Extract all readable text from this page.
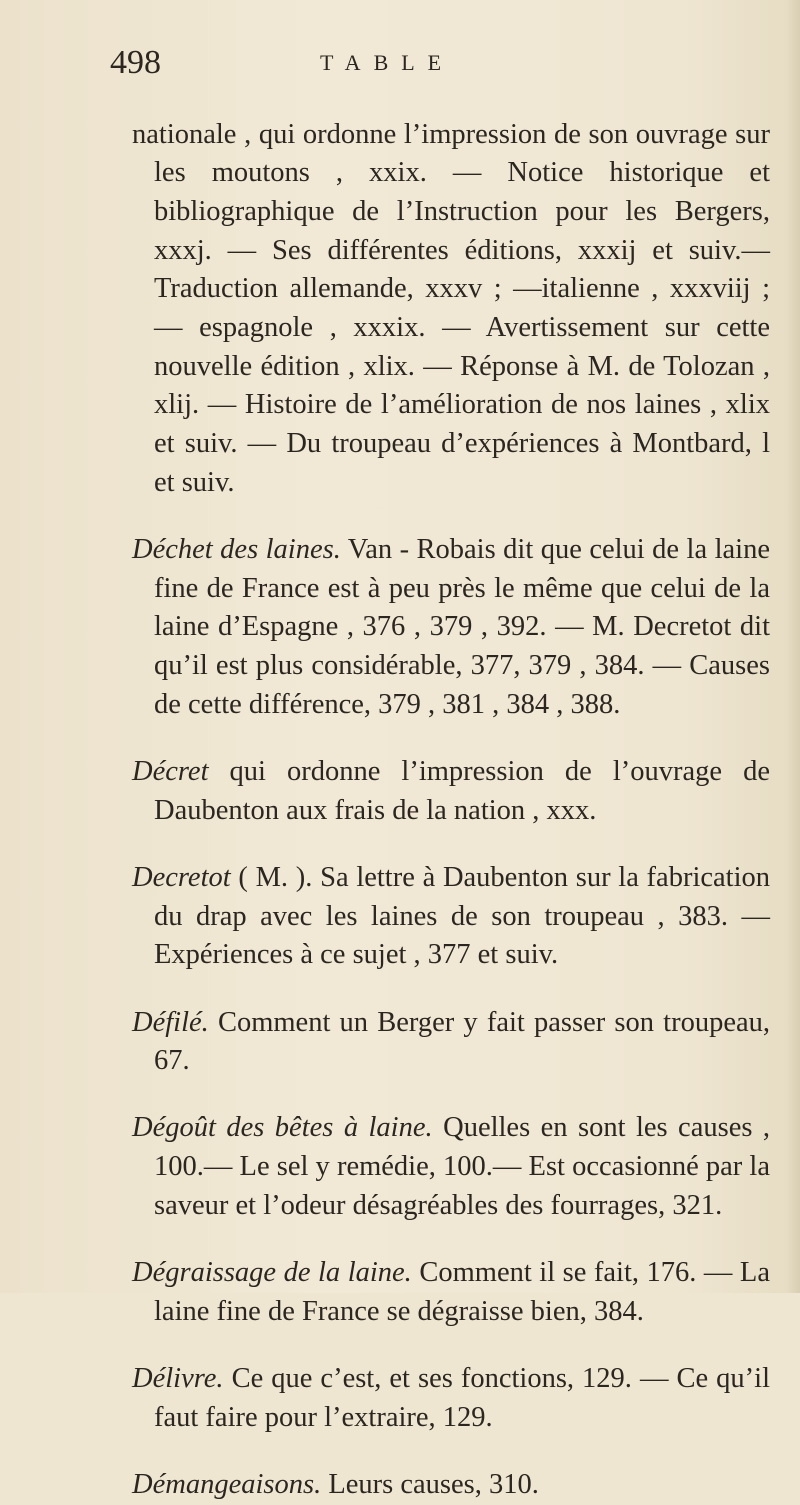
498	TABLE

nationale , qui ordonne l’impression de son ouvrage sur les moutons , xxix. — Notice historique et bibliographique de l’Instruction pour les Bergers, xxxj. — Ses différentes éditions, xxxij et suiv.—Traduction allemande, xxxv ; —italienne , xxxviij ; — espagnole , xxxix. — Avertissement sur cette nouvelle édition , xlix. — Réponse à M. de Tolozan , xlij. — Histoire de l’amélioration de nos laines , xlix et suiv. — Du troupeau d’expériences à Montbard, l et suiv.

Déchet des laines. Van - Robais dit que celui de la laine fine de France est à peu près le même que celui de la laine d’Espagne , 376 , 379 , 392. — M. Decretot dit qu’il est plus considérable, 377, 379 , 384. — Causes de cette différence, 379 , 381 , 384 , 388.

Décret qui ordonne l’impression de l’ouvrage de Daubenton aux frais de la nation , xxx.

Decretot ( M. ). Sa lettre à Daubenton sur la fabrication du drap avec les laines de son troupeau , 383. — Expériences à ce sujet , 377 et suiv.

Défilé. Comment un Berger y fait passer son troupeau, 67.

Dégoût des bêtes à laine. Quelles en sont les causes , 100.— Le sel y remédie, 100.— Est occasionné par la saveur et l’odeur désagréables des fourrages, 321.

Dégraissage de la laine. Comment il se fait, 176. — La laine fine de France se dégraisse bien, 384.

Délivre. Ce que c’est, et ses fonctions, 129. — Ce qu’il faut faire pour l’extraire, 129.

Démangeaisons. Leurs causes, 310.
